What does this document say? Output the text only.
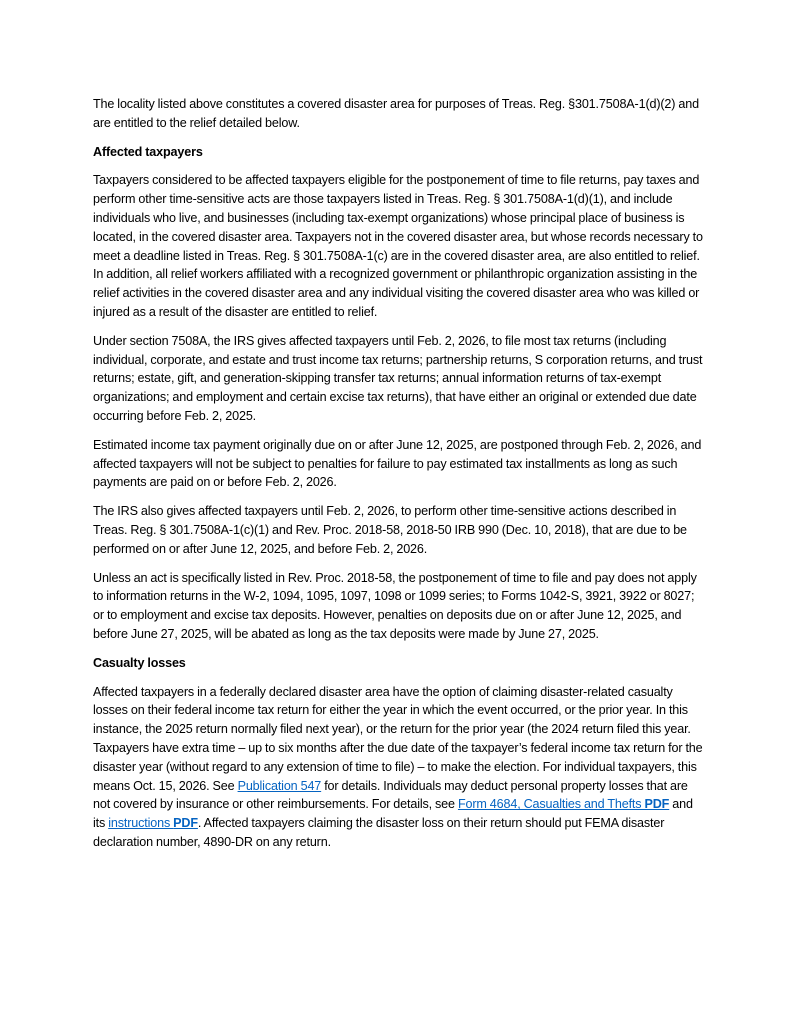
The locality listed above constitutes a covered disaster area for purposes of Treas. Reg. §301.7508A-1(d)(2) and are entitled to the relief detailed below.

Affected taxpayers

Taxpayers considered to be affected taxpayers eligible for the postponement of time to file returns, pay taxes and perform other time-sensitive acts are those taxpayers listed in Treas. Reg. § 301.7508A-1(d)(1), and include individuals who live, and businesses (including tax-exempt organizations) whose principal place of business is located, in the covered disaster area. Taxpayers not in the covered disaster area, but whose records necessary to meet a deadline listed in Treas. Reg. § 301.7508A-1(c) are in the covered disaster area, are also entitled to relief. In addition, all relief workers affiliated with a recognized government or philanthropic organization assisting in the relief activities in the covered disaster area and any individual visiting the covered disaster area who was killed or injured as a result of the disaster are entitled to relief.

Under section 7508A, the IRS gives affected taxpayers until Feb. 2, 2026, to file most tax returns (including individual, corporate, and estate and trust income tax returns; partnership returns, S corporation returns, and trust returns; estate, gift, and generation-skipping transfer tax returns; annual information returns of tax-exempt organizations; and employment and certain excise tax returns), that have either an original or extended due date occurring before Feb. 2, 2025.

Estimated income tax payment originally due on or after June 12, 2025, are postponed through Feb. 2, 2026, and affected taxpayers will not be subject to penalties for failure to pay estimated tax installments as long as such payments are paid on or before Feb. 2, 2026.

The IRS also gives affected taxpayers until Feb. 2, 2026, to perform other time-sensitive actions described in Treas. Reg. § 301.7508A-1(c)(1) and Rev. Proc. 2018-58, 2018-50 IRB 990 (Dec. 10, 2018), that are due to be performed on or after June 12, 2025, and before Feb. 2, 2026.

Unless an act is specifically listed in Rev. Proc. 2018-58, the postponement of time to file and pay does not apply to information returns in the W-2, 1094, 1095, 1097, 1098 or 1099 series; to Forms 1042-S, 3921, 3922 or 8027; or to employment and excise tax deposits. However, penalties on deposits due on or after June 12, 2025, and before June 27, 2025, will be abated as long as the tax deposits were made by June 27, 2025.

Casualty losses

Affected taxpayers in a federally declared disaster area have the option of claiming disaster-related casualty losses on their federal income tax return for either the year in which the event occurred, or the prior year. In this instance, the 2025 return normally filed next year), or the return for the prior year (the 2024 return filed this year. Taxpayers have extra time – up to six months after the due date of the taxpayer’s federal income tax return for the disaster year (without regard to any extension of time to file) – to make the election. For individual taxpayers, this means Oct. 15, 2026. See Publication 547 for details. Individuals may deduct personal property losses that are not covered by insurance or other reimbursements. For details, see Form 4684, Casualties and Thefts PDF and its instructions PDF. Affected taxpayers claiming the disaster loss on their return should put FEMA disaster declaration number, 4890-DR on any return.
